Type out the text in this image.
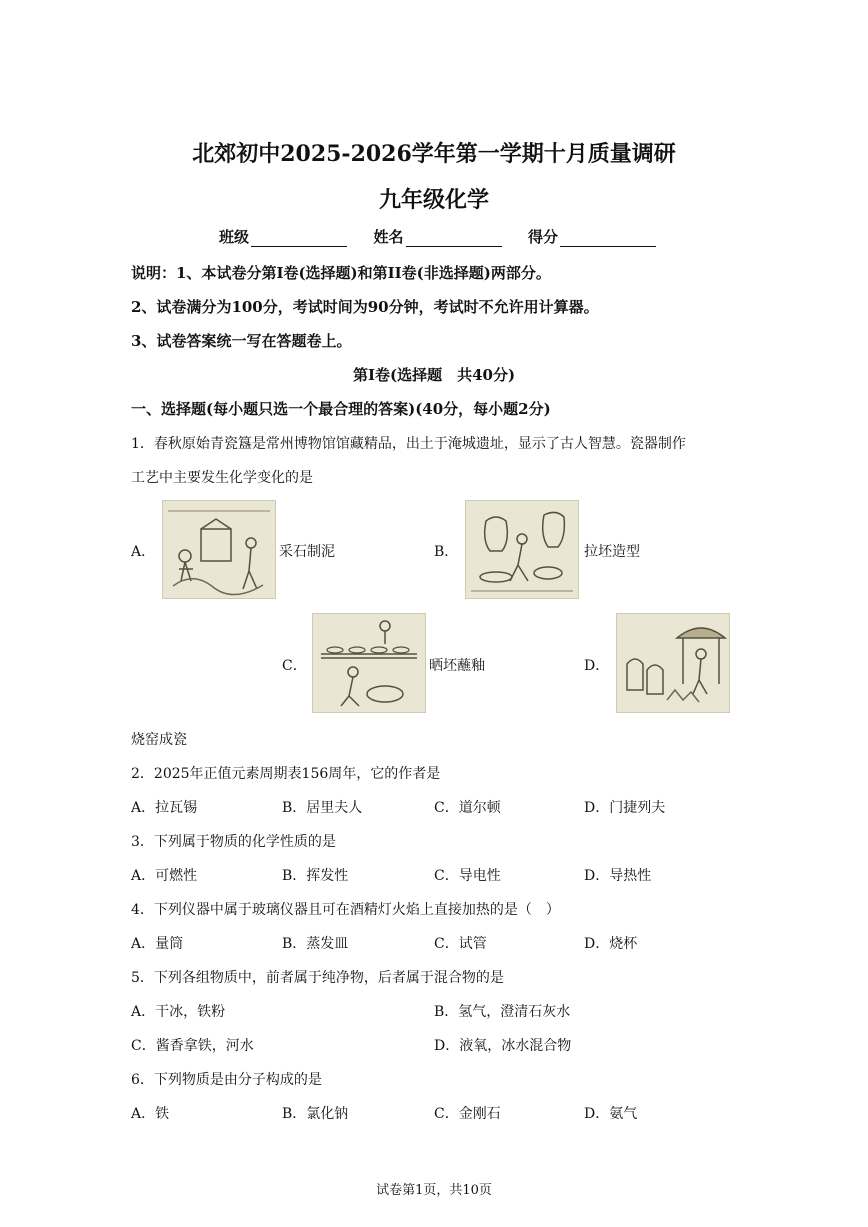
北郊初中2025-2026学年第一学期十月质量调研
九年级化学
班级	姓名	得分
说明：1、本试卷分第I卷(选择题)和第II卷(非选择题)两部分。
2、试卷满分为100分，考试时间为90分钟，考试时不允许用计算器。
3、试卷答案统一写在答题卷上。
第I卷(选择题　共40分)
一、选择题(每小题只选一个最合理的答案)(40分，每小题2分)
1．春秋原始青瓷簋是常州博物馆馆藏精品，出土于淹城遗址，显示了古人智慧。瓷器制作
工艺中主要发生化学变化的是
A．	采石制泥	B．	拉坯造型
C．	晒坯蘸釉	D．
烧窑成瓷
2．2025年正值元素周期表156周年，它的作者是
A．拉瓦锡	B．居里夫人	C．道尔顿	D．门捷列夫
3．下列属于物质的化学性质的是
A．可燃性	B．挥发性	C．导电性	D．导热性
4．下列仪器中属于玻璃仪器且可在酒精灯火焰上直接加热的是（　）
A．量筒	B．蒸发皿	C．试管	D．烧杯
5．下列各组物质中，前者属于纯净物，后者属于混合物的是
A．干冰，铁粉	B．氢气，澄清石灰水
C．酱香拿铁，河水	D．液氧，冰水混合物
6．下列物质是由分子构成的是
A．铁	B．氯化钠	C．金刚石	D．氨气
试卷第1页，共10页
